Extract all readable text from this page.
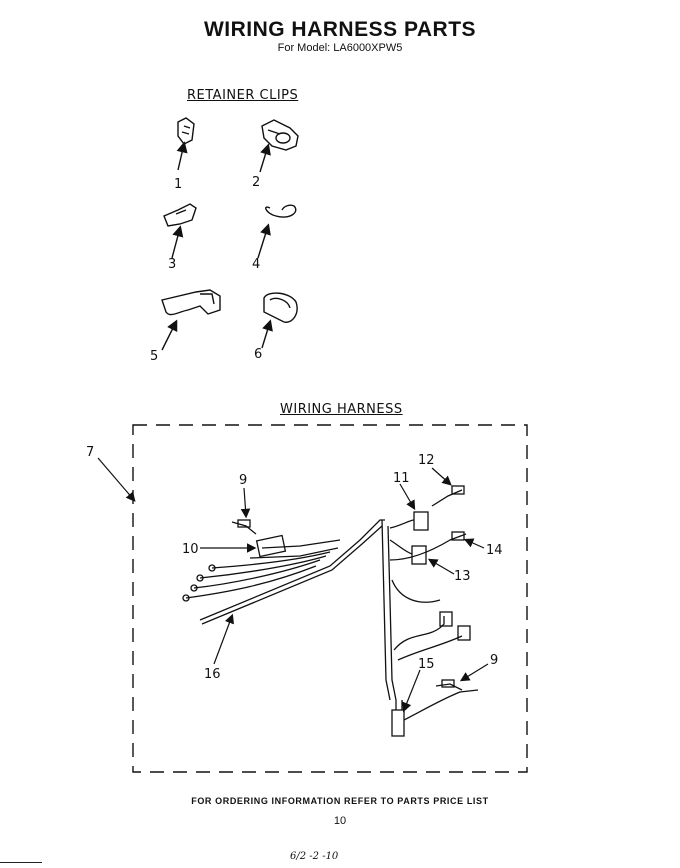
WIRING HARNESS PARTS
For Model: LA6000XPW5
RETAINER CLIPS
WIRING HARNESS
1	2
3	4
5	6
7
9
10
11
12
13
14
15	9
16
FOR ORDERING INFORMATION REFER TO PARTS PRICE LIST
10
6/2 -2 -10
